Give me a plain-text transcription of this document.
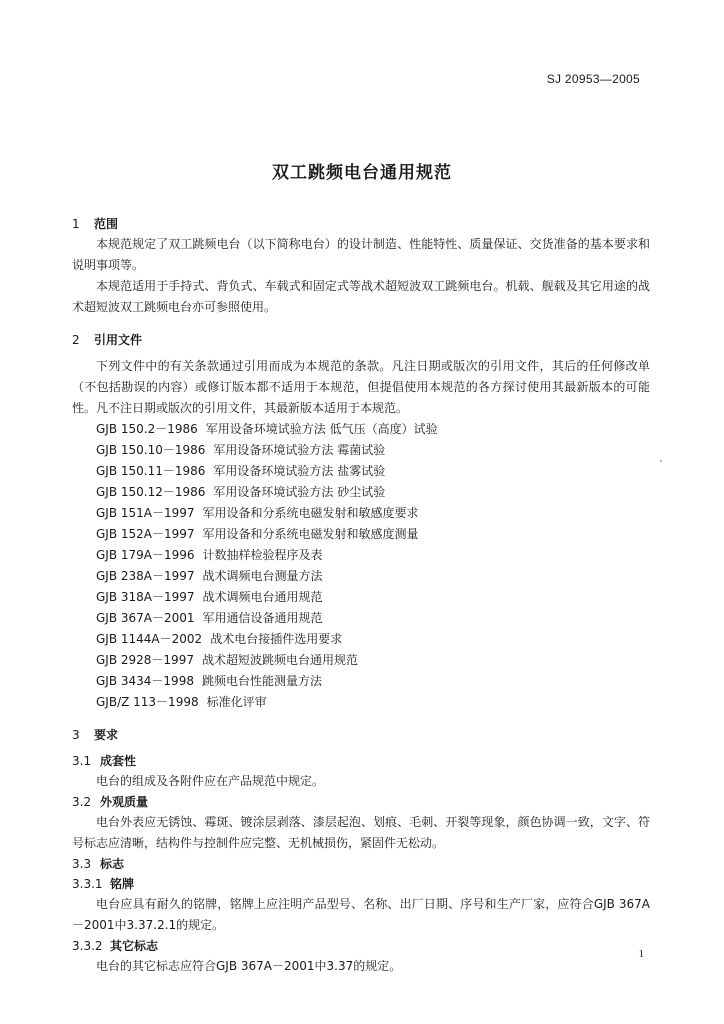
SJ 20953—2005
双工跳频电台通用规范

1 范围

本规范规定了双工跳频电台（以下简称电台）的设计制造、性能特性、质量保证、交货准备的基本要求和说明事项等。

本规范适用于手持式、背负式、车载式和固定式等战术超短波双工跳频电台。机载、舰载及其它用途的战术超短波双工跳频电台亦可参照使用。

2 引用文件

下列文件中的有关条款通过引用而成为本规范的条款。凡注日期或版次的引用文件，其后的任何修改单（不包括勘误的内容）或修订版本都不适用于本规范，但提倡使用本规范的各方探讨使用其最新版本的可能性。凡不注日期或版次的引用文件，其最新版本适用于本规范。

GJB 150.2－1986 军用设备环境试验方法 低气压（高度）试验
GJB 150.10－1986 军用设备环境试验方法 霉菌试验
GJB 150.11－1986 军用设备环境试验方法 盐雾试验
GJB 150.12－1986 军用设备环境试验方法 砂尘试验
GJB 151A－1997 军用设备和分系统电磁发射和敏感度要求
GJB 152A－1997 军用设备和分系统电磁发射和敏感度测量
GJB 179A－1996 计数抽样检验程序及表
GJB 238A－1997 战术调频电台测量方法
GJB 318A－1997 战术调频电台通用规范
GJB 367A－2001 军用通信设备通用规范
GJB 1144A－2002 战术电台接插件选用要求
GJB 2928－1997 战术超短波跳频电台通用规范
GJB 3434－1998 跳频电台性能测量方法
GJB/Z 113－1998 标准化评审

3 要求

3.1 成套性

电台的组成及各附件应在产品规范中规定。

3.2 外观质量

电台外表应无锈蚀、霉斑、镀涂层剥落、漆层起泡、划痕、毛刺、开裂等现象，颜色协调一致，文字、符号标志应清晰，结构件与控制件应完整、无机械损伤，紧固件无松动。

3.3 标志

3.3.1 铭牌

电台应具有耐久的铭牌，铭牌上应注明产品型号、名称、出厂日期、序号和生产厂家，应符合GJB 367A－2001中3.37.2.1的规定。

3.3.2 其它标志

电台的其它标志应符合GJB 367A－2001中3.37的规定。

1
